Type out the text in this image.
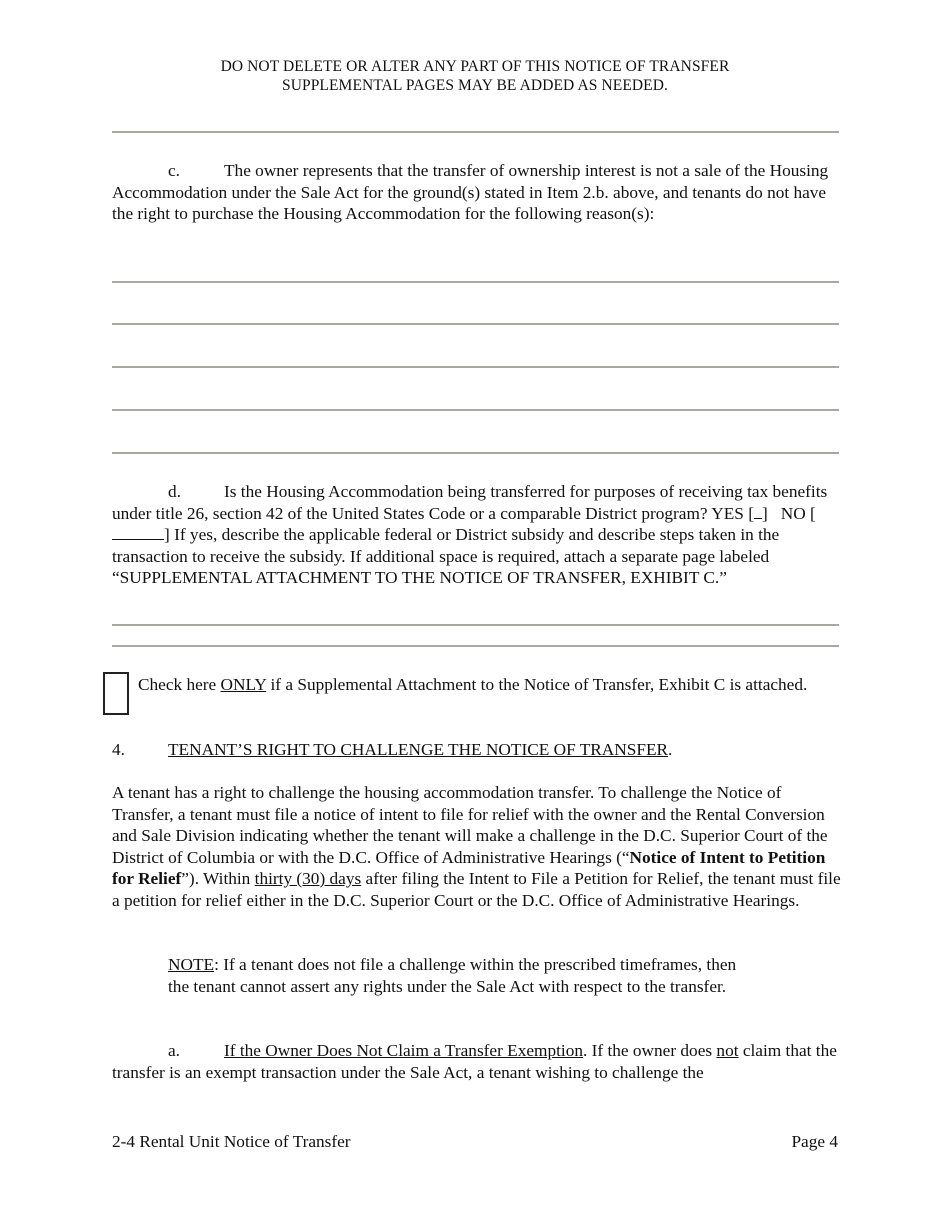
DO NOT DELETE OR ALTER ANY PART OF THIS NOTICE OF TRANSFER
SUPPLEMENTAL PAGES MAY BE ADDED AS NEEDED.
c.	The owner represents that the transfer of ownership interest is not a sale of the Housing Accommodation under the Sale Act for the ground(s) stated in Item 2.b. above, and tenants do not have the right to purchase the Housing Accommodation for the following reason(s):
d. Is the Housing Accommodation being transferred for purposes of receiving tax benefits under title 26, section 42 of the United States Code or a comparable District program? YES [ ] NO [] If yes, describe the applicable federal or District subsidy and describe steps taken in the transaction to receive the subsidy. If additional space is required, attach a separate page labeled “SUPPLEMENTAL ATTACHMENT TO THE NOTICE OF TRANSFER, EXHIBIT C.”
Check here ONLY if a Supplemental Attachment to the Notice of Transfer, Exhibit C is attached.
4. TENANT’S RIGHT TO CHALLENGE THE NOTICE OF TRANSFER.
A tenant has a right to challenge the housing accommodation transfer. To challenge the Notice of Transfer, a tenant must file a notice of intent to file for relief with the owner and the Rental Conversion and Sale Division indicating whether the tenant will make a challenge in the D.C. Superior Court of the District of Columbia or with the D.C. Office of Administrative Hearings (“Notice of Intent to Petition for Relief”). Within thirty (30) days after filing the Intent to File a Petition for Relief, the tenant must file a petition for relief either in the D.C. Superior Court or the D.C. Office of Administrative Hearings.
NOTE: If a tenant does not file a challenge within the prescribed timeframes, then the tenant cannot assert any rights under the Sale Act with respect to the transfer.
a.	If the Owner Does Not Claim a Transfer Exemption. If the owner does not claim that the transfer is an exempt transaction under the Sale Act, a tenant wishing to challenge the
2-4 Rental Unit Notice of Transfer	Page 4
